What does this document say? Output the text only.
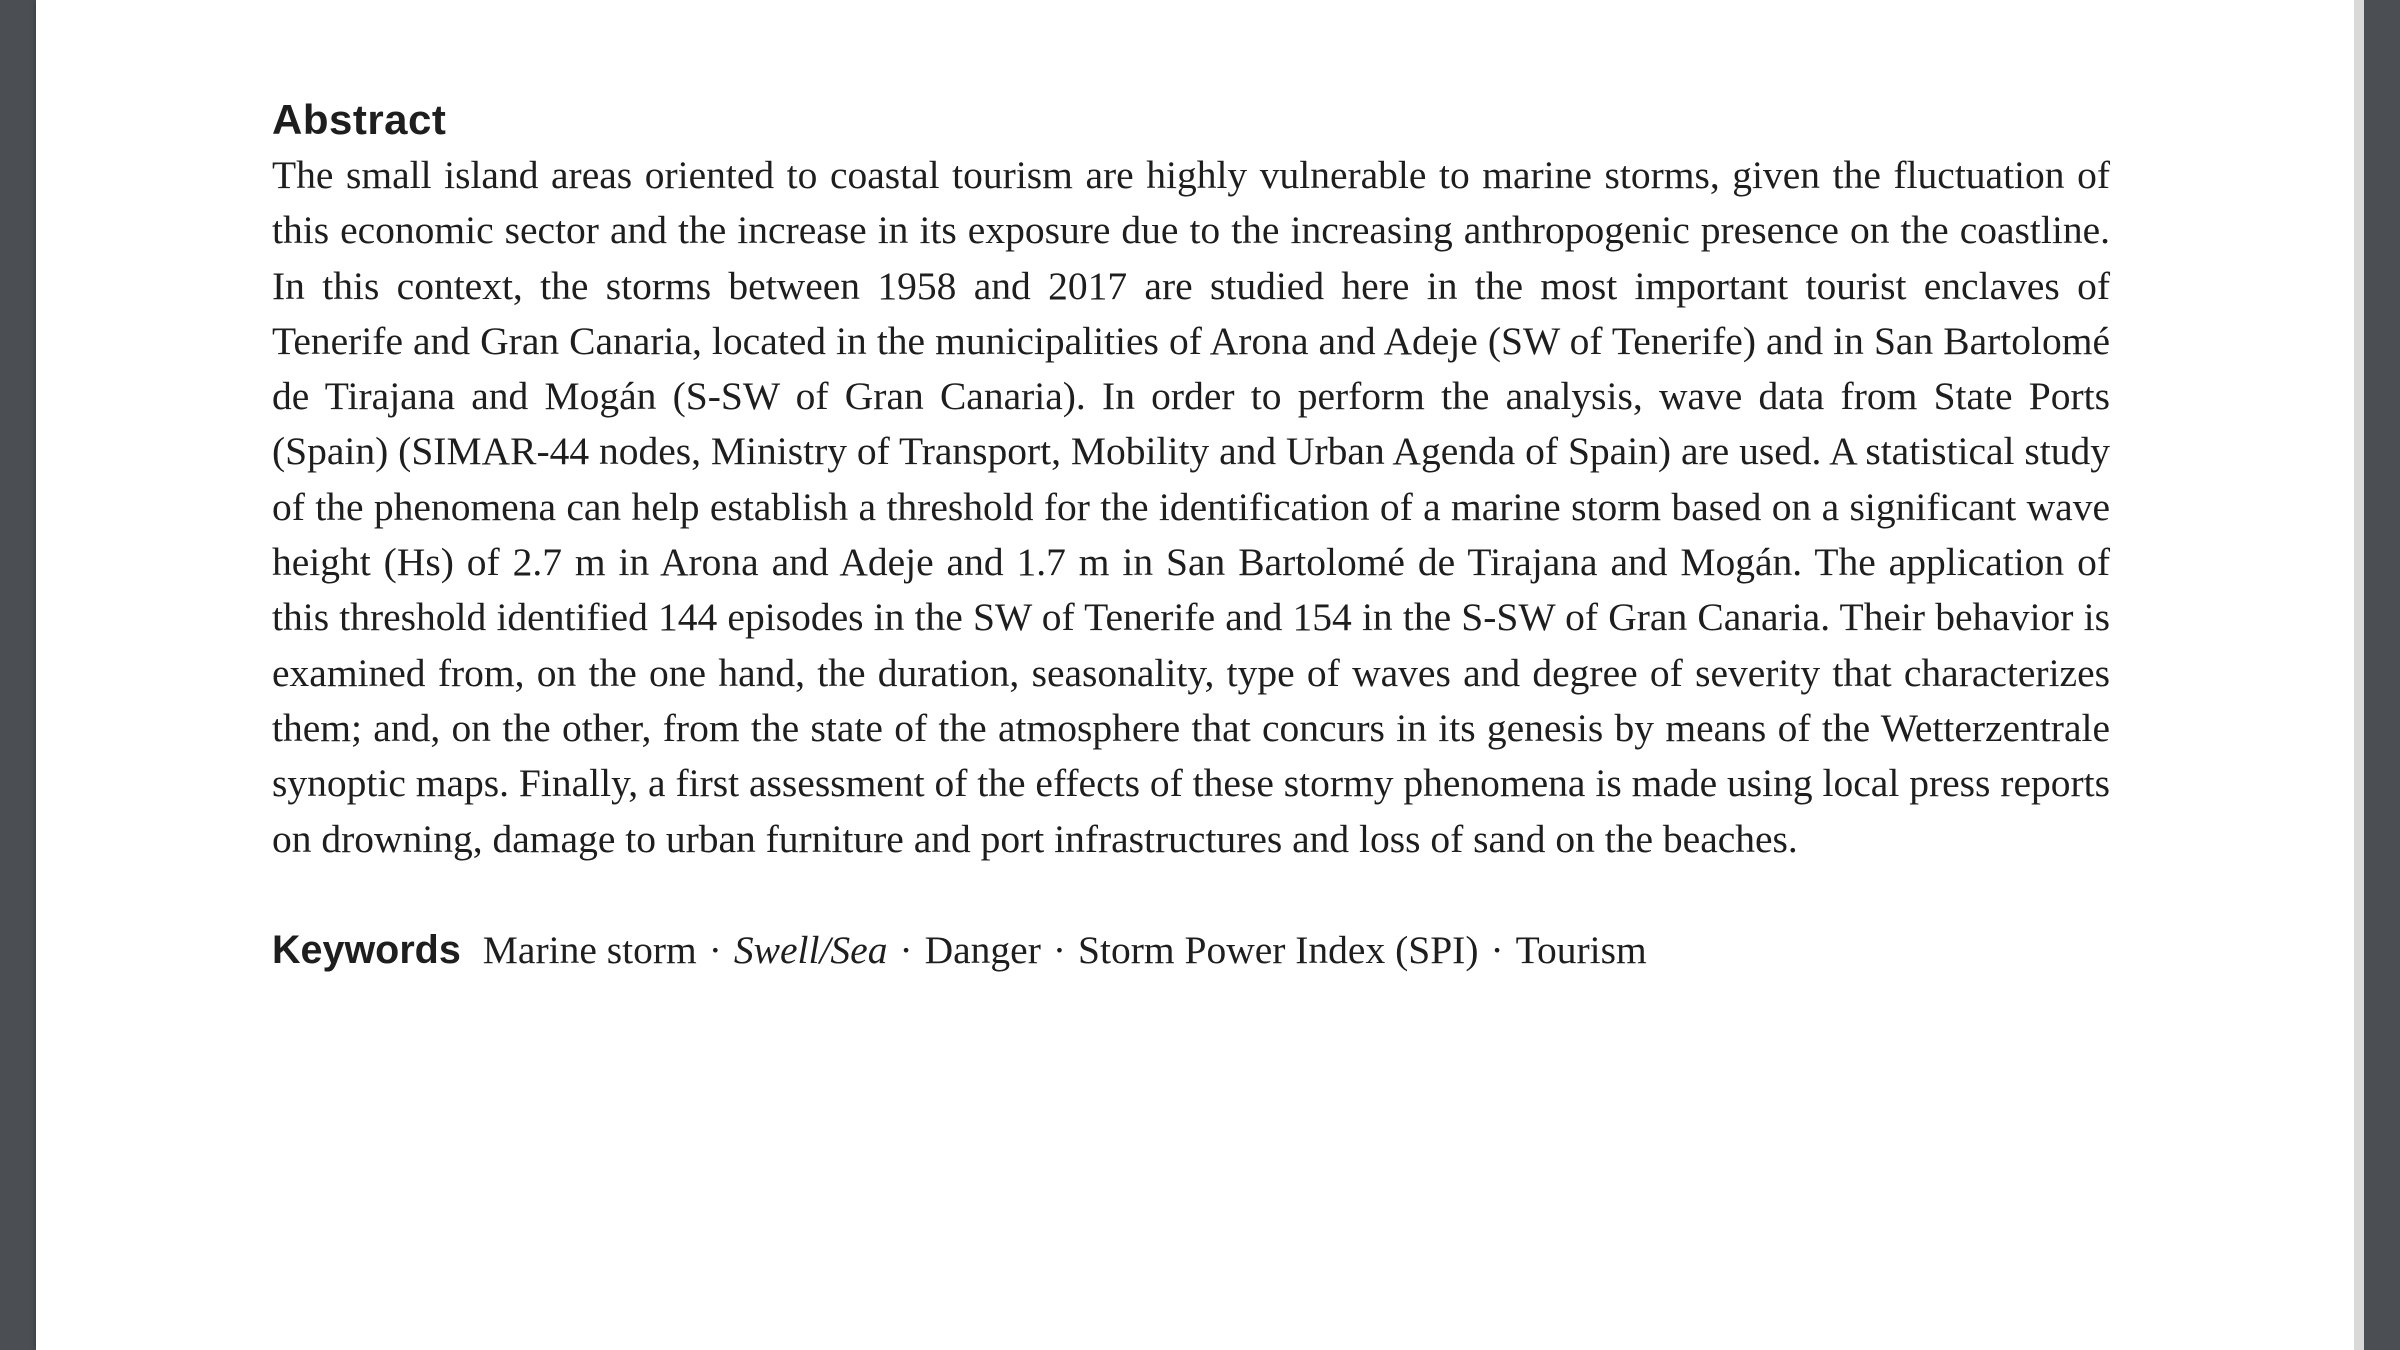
Abstract

The small island areas oriented to coastal tourism are highly vulnerable to marine storms, given the fluctuation of this economic sector and the increase in its exposure due to the increasing anthropogenic presence on the coastline. In this context, the storms between 1958 and 2017 are studied here in the most important tourist enclaves of Tenerife and Gran Canaria, located in the municipalities of Arona and Adeje (SW of Tenerife) and in San Bartolomé de Tirajana and Mogán (S-SW of Gran Canaria). In order to perform the analysis, wave data from State Ports (Spain) (SIMAR-44 nodes, Ministry of Transport, Mobility and Urban Agenda of Spain) are used. A statistical study of the phenomena can help establish a threshold for the identification of a marine storm based on a significant wave height (Hs) of 2.7 m in Arona and Adeje and 1.7 m in San Bartolomé de Tirajana and Mogán. The application of this threshold identified 144 episodes in the SW of Tenerife and 154 in the S-SW of Gran Canaria. Their behavior is examined from, on the one hand, the duration, seasonality, type of waves and degree of severity that characterizes them; and, on the other, from the state of the atmosphere that concurs in its genesis by means of the Wetterzentrale synoptic maps. Finally, a first assessment of the effects of these stormy phenomena is made using local press reports on drowning, damage to urban furniture and port infrastructures and loss of sand on the beaches.

Keywords Marine storm · Swell/Sea · Danger · Storm Power Index (SPI) · Tourism
